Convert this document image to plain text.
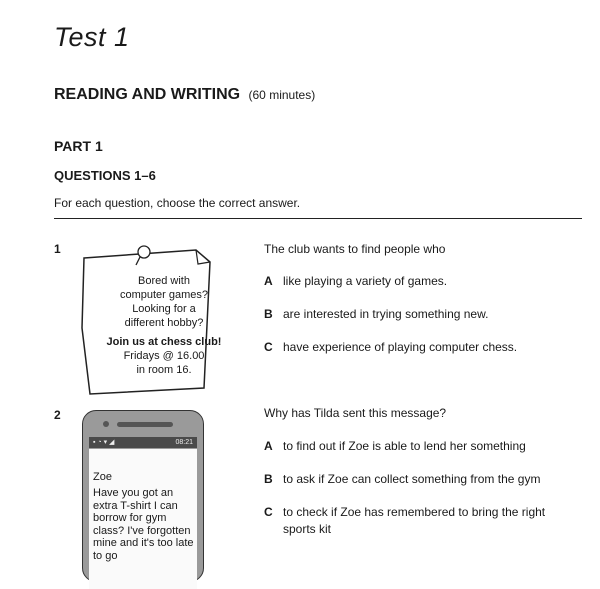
Test 1
READING AND WRITING (60 minutes)
PART 1
QUESTIONS 1–6
For each question, choose the correct answer.
1
Bored with
computer games?
Looking for a
different hobby?
Join us at chess club!
Fridays @ 16.00
in room 16.
The club wants to find people who
A like playing a variety of games.
B are interested in trying something new.
C have experience of playing computer chess.
2
▪ ◔ ▾ ◢	08:21
Zoe
Have you got an extra T-shirt I can borrow for gym class? I've forgotten mine and it's too late to go
Why has Tilda sent this message?
A to find out if Zoe is able to lend her something
B to ask if Zoe can collect something from the gym
C to check if Zoe has remembered to bring the right sports kit
